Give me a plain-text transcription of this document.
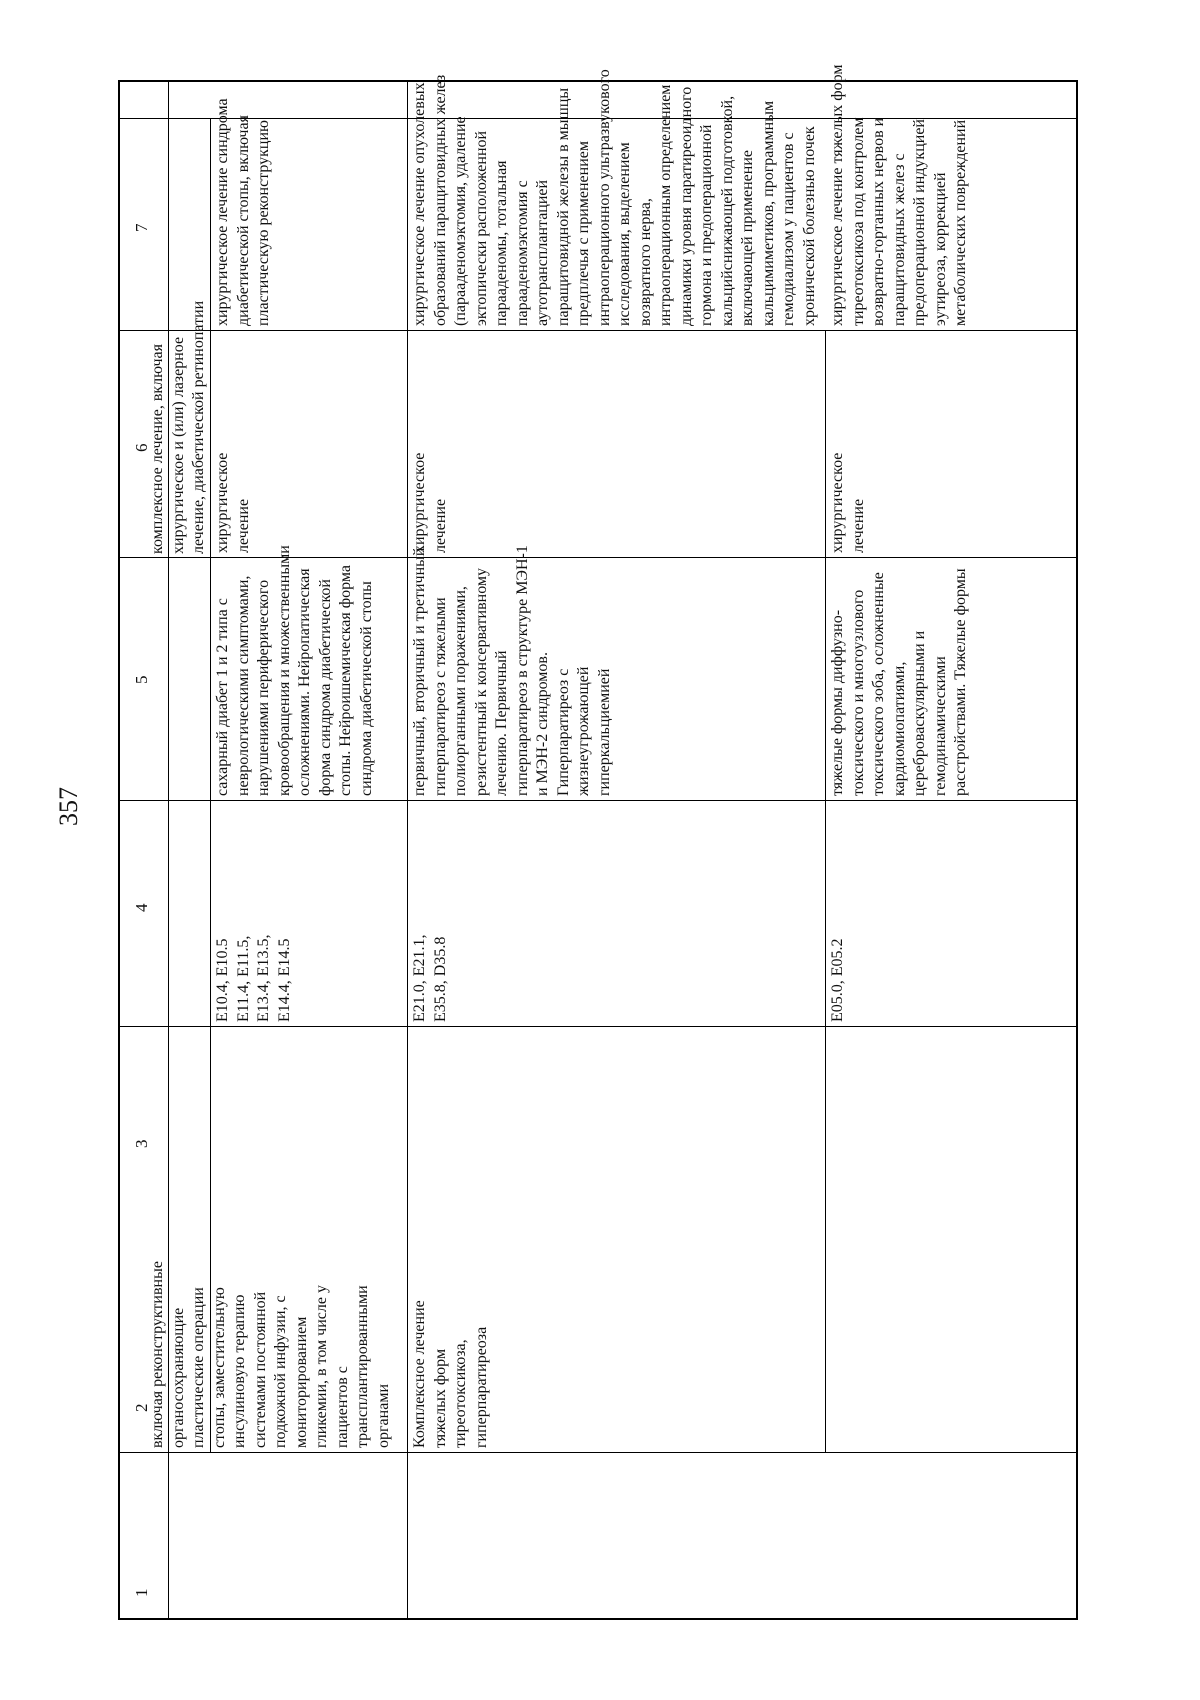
357
1
2
3
4
5
6
7
включая реконструктивные органосохраняющие пластические операции стопы, заместительную инсулиновую терапию системами постоянной подкожной инфузии, с мониторированием гликемии, в том числе у пациентов с трансплантированными органами
комплексное лечение, включая хирургическое и (или) лазерное лечение, диабетической ретинопатии
E10.4, E10.5 E11.4, E11.5, E13.4, E13.5, E14.4, E14.5
сахарный диабет 1 и 2 типа с неврологическими симптомами, нарушениями периферического кровообращения и множественными осложнениями. Нейропатическая форма синдрома диабетической стопы. Нейроишемическая форма синдрома диабетической стопы
хирургическое лечение
хирургическое лечение синдрома диабетической стопы, включая пластическую реконструкцию
Комплексное лечение тяжелых форм тиреотоксикоза, гиперпаратиреоза
E21.0, E21.1, E35.8, D35.8
первичный, вторичный и третичный гиперпаратиреоз с тяжелыми полиорганными поражениями, резистентный к консервативному лечению. Первичный гиперпаратиреоз в структуре МЭН-1 и МЭН-2 синдромов. Гиперпаратиреоз с жизнеугрожающей гиперкальциемией
хирургическое лечение
хирургическое лечение опухолевых образований паращитовидных желез (парааденомэктомия, удаление эктопически расположенной парааденомы, тотальная парааденомэктомия с аутотрансплантацией паращитовидной железы в мышцы предплечья с применением интраоперационного ультразвукового исследования, выделением возвратного нерва, интраоперационным определением динамики уровня паратиреоидного гормона и предоперационной кальцийснижающей подготовкой, включающей применение кальцимиметиков, программным гемодиализом у пациентов с хронической болезнью почек
E05.0, E05.2
тяжелые формы диффузно- токсического и многоузлового токсического зоба, осложненные кардиомиопатиями, цереброваскулярными и гемодинамическими расстройствами. Тяжелые формы
хирургическое лечение
хирургическое лечение тяжелых форм тиреотоксикоза под контролем возвратно-гортанных нервов и паращитовидных желез с предоперационной индукцией эутиреоза, коррекцией метаболических повреждений
